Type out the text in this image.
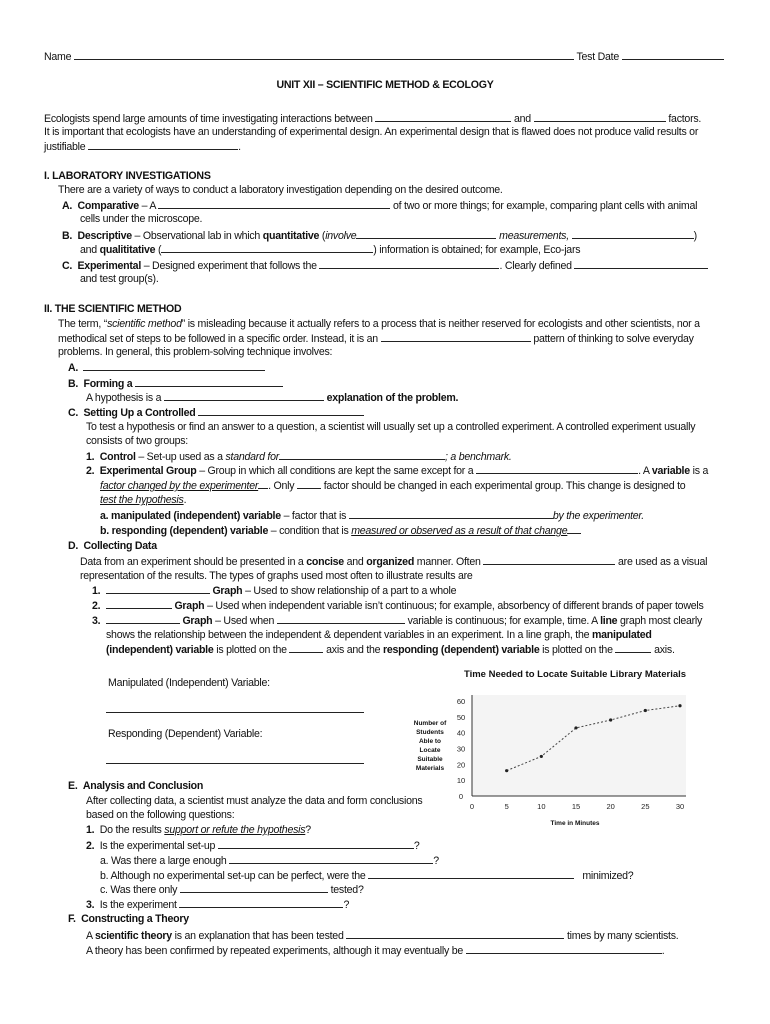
Name	Test Date
UNIT XII – SCIENTIFIC METHOD & ECOLOGY
Ecologists spend large amounts of time investigating interactions between	and	factors.
It is important that ecologists have an understanding of experimental design. An experimental design that is flawed does not produce valid results or
justifiable	.
I. LABORATORY INVESTIGATIONS
There are a variety of ways to conduct a laboratory investigation depending on the desired outcome.
A. Comparative – A	of two or more things; for example, comparing plant cells with animal
cells under the microscope.
B. Descriptive – Observational lab in which quantitative (involve	measurements,	)
and qualititative (	) information is obtained; for example, Eco-jars
C. Experimental – Designed experiment that follows the	. Clearly defined
and test group(s).
II. THE SCIENTIFIC METHOD
The term, “scientific method” is misleading because it actually refers to a process that is neither reserved for ecologists and other scientists, nor a
methodical set of steps to be followed in a specific order. Instead, it is an	pattern of thinking to solve everyday
problems. In general, this problem-solving technique involves:
A.
B. Forming a
A hypothesis is a	explanation of the problem.
C. Setting Up a Controlled
To test a hypothesis or find an answer to a question, a scientist will usually set up a controlled experiment. A controlled experiment usually
consists of two groups:
1. Control – Set-up used as a standard for	; a benchmark.
2. Experimental Group – Group in which all conditions are kept the same except for a	. A variable is a
factor changed by the experimenter . Only  factor should be changed in each experimental group. This change is designed to
test the hypothesis.
a. manipulated (independent) variable – factor that is	by the experimenter.
b. responding (dependent) variable – condition that is measured or observed as a result of that change
D. Collecting Data
Data from an experiment should be presented in a concise and organized manner. Often	are used as a visual
representation of the results. The types of graphs used most often to illustrate results are
1.	Graph – Used to show relationship of a part to a whole
2.	Graph – Used when independent variable isn’t continuous; for example, absorbency of different brands of paper towels
3.	Graph – Used when	variable is continuous; for example, time. A line graph most clearly
shows the relationship between the independent & dependent variables in an experiment. In a line graph, the manipulated
(independent) variable is plotted on the	axis and the responding (dependent) variable is plotted on the	axis.
Manipulated (Independent) Variable:
Responding (Dependent) Variable:
Time Needed to Locate Suitable Library Materials
0
10
20
30
40
50
60
0	5	10	15	20	25	30
Number of
Students
Able to
Locate
Suitable
Materials
Time in Minutes
E. Analysis and Conclusion
After collecting data, a scientist must analyze the data and form conclusions
based on the following questions:
1. Do the results support or refute the hypothesis?
2. Is the experimental set-up	?
a. Was there a large enough	?
b. Although no experimental set-up can be perfect, were the	minimized?
c. Was there only	tested?
3. Is the experiment	?
F. Constructing a Theory
A scientific theory is an explanation that has been tested	times by many scientists.
A theory has been confirmed by repeated experiments, although it may eventually be	.
